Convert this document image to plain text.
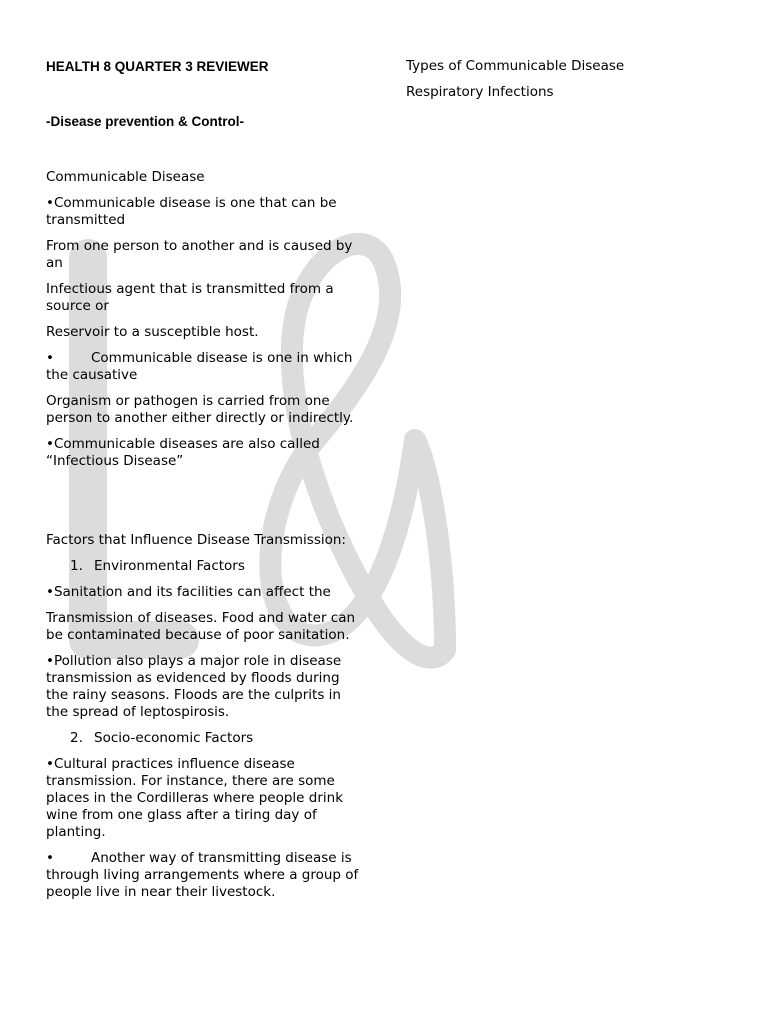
HEALTH 8 QUARTER 3 REVIEWER
-Disease prevention & Control-

Communicable Disease

•Communicable disease is one that can be transmitted

From one person to another and is caused by an

Infectious agent that is transmitted from a source or

Reservoir to a susceptible host.

•	Communicable disease is one in which the causative

Organism or pathogen is carried from one person to another either directly or indirectly.

•Communicable diseases are also called “Infectious Disease”

Factors that Influence Disease Transmission:

1. Environmental Factors

•Sanitation and its facilities can affect the

Transmission of diseases. Food and water can be contaminated because of poor sanitation.

•Pollution also plays a major role in disease transmission as evidenced by floods during the rainy seasons. Floods are the culprits in the spread of leptospirosis.

2. Socio-economic Factors

•Cultural practices influence disease transmission. For instance, there are some places in the Cordilleras where people drink wine from one glass after a tiring day of planting.

•	Another way of transmitting disease is through living arrangements where a group of people live in near their livestock.

Types of Communicable Disease

Respiratory Infections
